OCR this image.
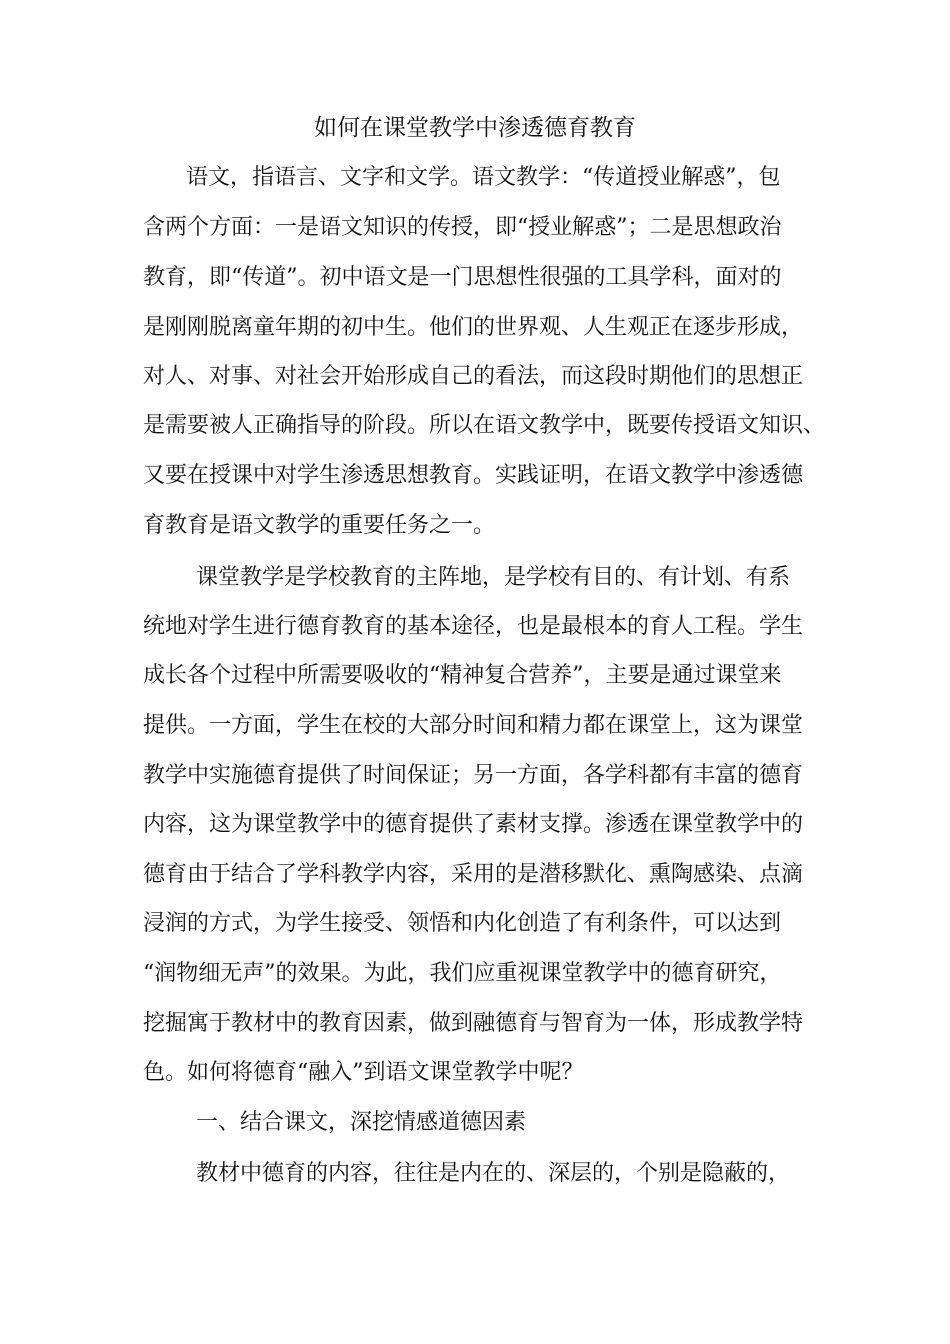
如何在课堂教学中渗透德育教育

语文，指语言、文字和文学。语文教学：“传道授业解惑”，包

含两个方面：一是语文知识的传授，即“授业解惑”；二是思想政治

教育，即“传道”。初中语文是一门思想性很强的工具学科，面对的

是刚刚脱离童年期的初中生。他们的世界观、人生观正在逐步形成，

对人、对事、对社会开始形成自己的看法，而这段时期他们的思想正

是需要被人正确指导的阶段。所以在语文教学中，既要传授语文知识、

又要在授课中对学生渗透思想教育。实践证明，在语文教学中渗透德

育教育是语文教学的重要任务之一。

课堂教学是学校教育的主阵地，是学校有目的、有计划、有系

统地对学生进行德育教育的基本途径，也是最根本的育人工程。学生

成长各个过程中所需要吸收的“精神复合营养”，主要是通过课堂来

提供。一方面，学生在校的大部分时间和精力都在课堂上，这为课堂

教学中实施德育提供了时间保证；另一方面，各学科都有丰富的德育

内容，这为课堂教学中的德育提供了素材支撑。渗透在课堂教学中的

德育由于结合了学科教学内容，采用的是潜移默化、熏陶感染、点滴

浸润的方式，为学生接受、领悟和内化创造了有利条件，可以达到

“润物细无声”的效果。为此，我们应重视课堂教学中的德育研究，

挖掘寓于教材中的教育因素，做到融德育与智育为一体，形成教学特

色。如何将德育“融入”到语文课堂教学中呢？

一、结合课文，深挖情感道德因素

教材中德育的内容，往往是内在的、深层的，个别是隐蔽的，
